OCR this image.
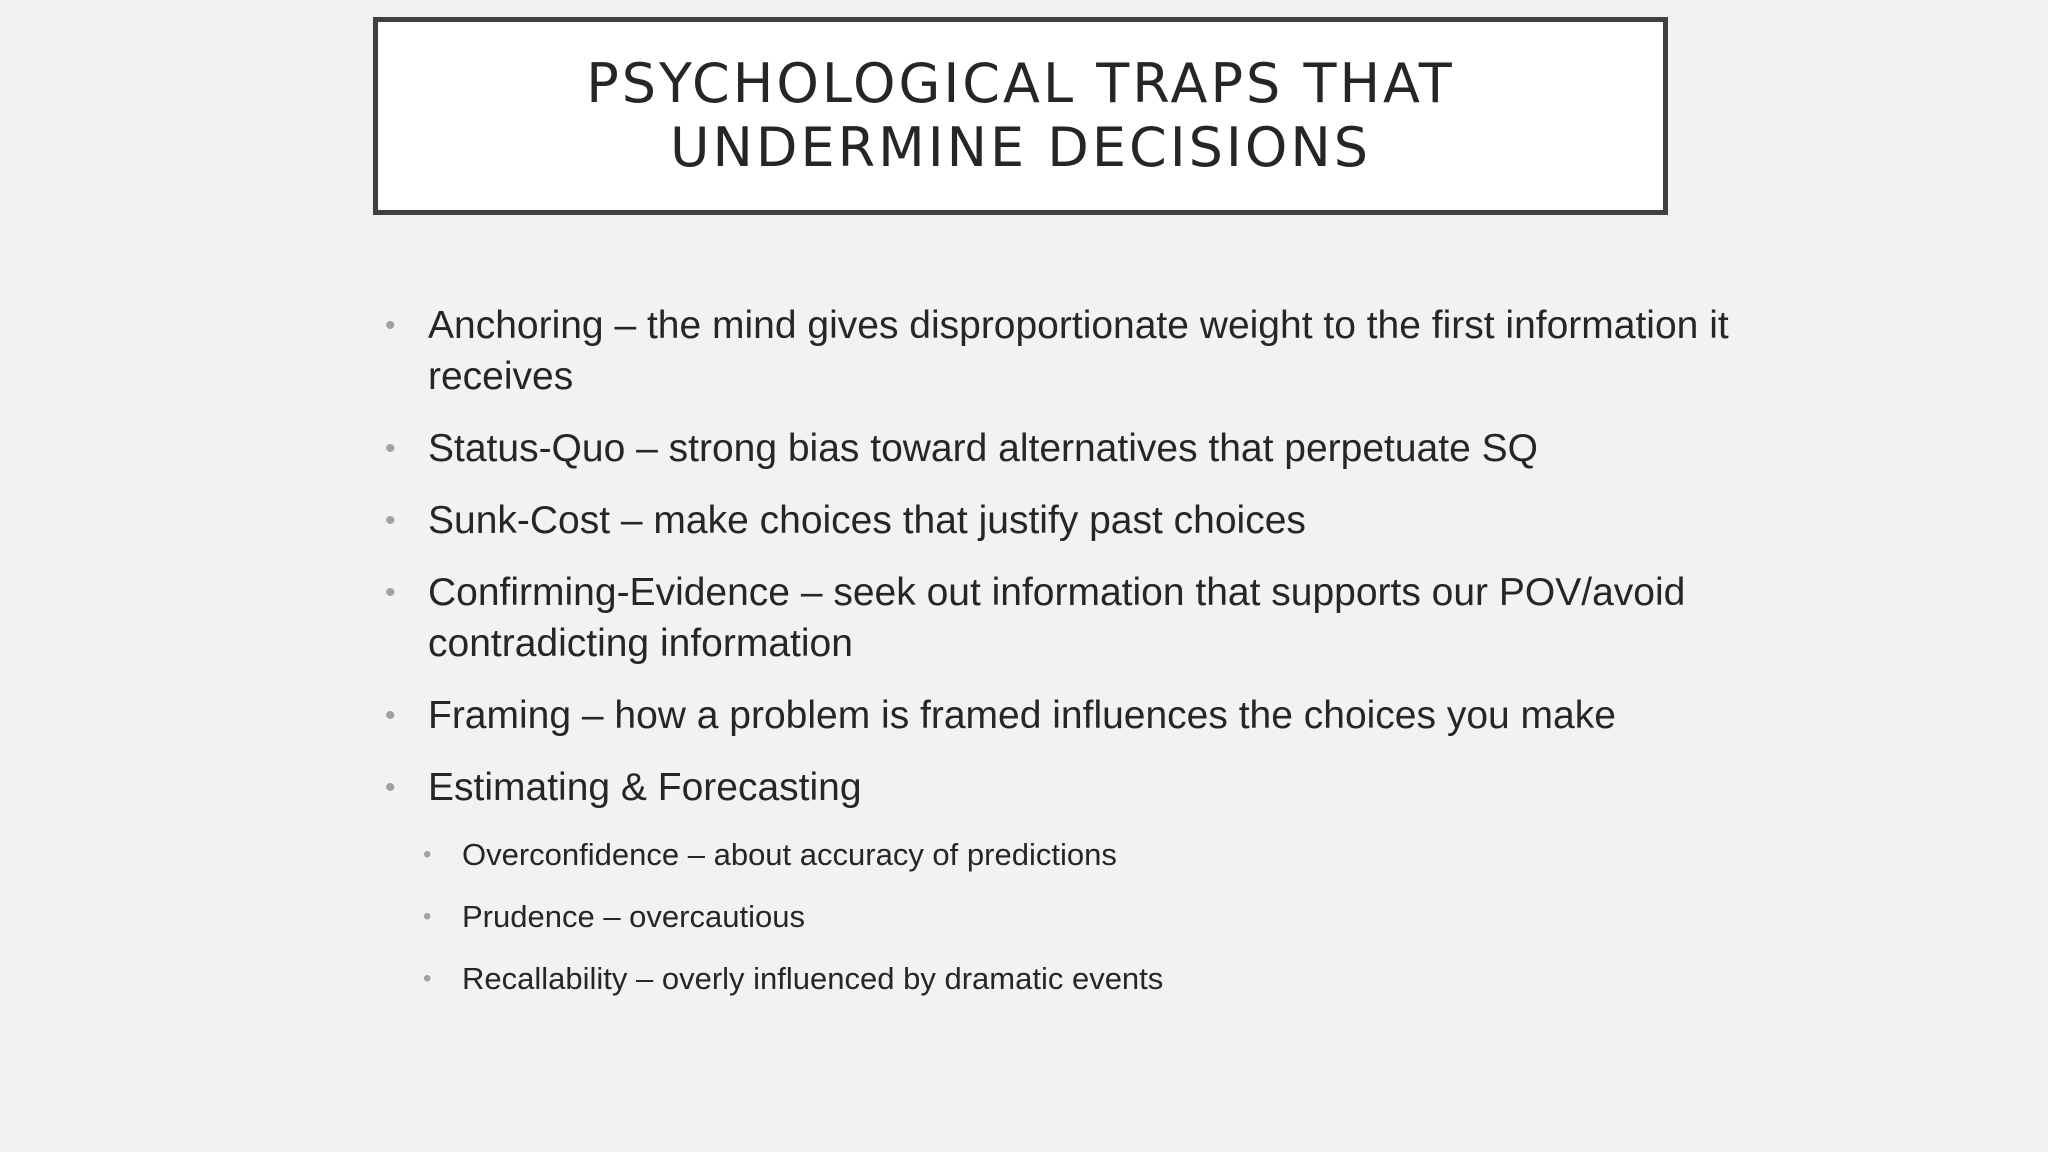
PSYCHOLOGICAL TRAPS THAT
UNDERMINE DECISIONS
• Anchoring – the mind gives disproportionate weight to the first information it receives
• Status-Quo – strong bias toward alternatives that perpetuate SQ
• Sunk-Cost – make choices that justify past choices
• Confirming-Evidence – seek out information that supports our POV/avoid contradicting information
• Framing – how a problem is framed influences the choices you make
• Estimating & Forecasting
• Overconfidence – about accuracy of predictions
• Prudence – overcautious
• Recallability – overly influenced by dramatic events
